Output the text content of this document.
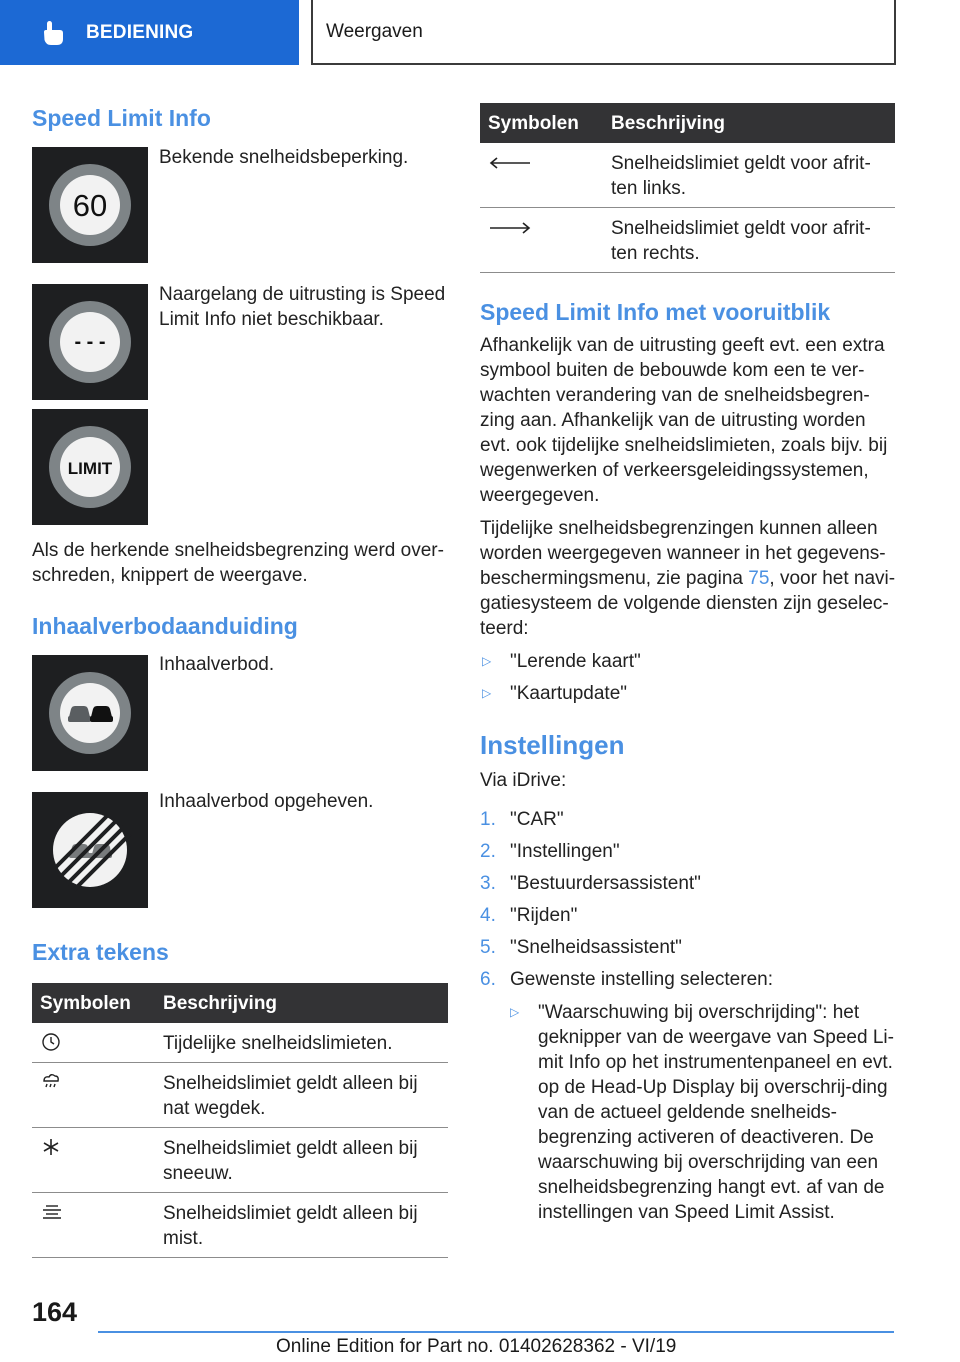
BEDIENING	Weergaven
Speed Limit Info
60
Bekende snelheidsbeperking.
- - -
Naargelang de uitrusting is Speed Limit Info niet beschikbaar.
LIMIT
Als de herkende snelheidsbegrenzing werd over-schreden, knippert de weergave.
Inhaalverbodaanduiding
Inhaalverbod.
Inhaalverbod opgeheven.
Extra tekens
Symbolen	Beschrijving
Tijdelijke snelheidslimieten.
Snelheidslimiet geldt alleen bij nat wegdek.
Snelheidslimiet geldt alleen bij sneeuw.
Snelheidslimiet geldt alleen bij mist.
Symbolen	Beschrijving
Snelheidslimiet geldt voor afrit-ten links.
Snelheidslimiet geldt voor afrit-ten rechts.
Speed Limit Info met vooruitblik
Afhankelijk van de uitrusting geeft evt. een extra symbool buiten de bebouwde kom een te ver-wachten verandering van de snelheidsbegren-zing aan. Afhankelijk van de uitrusting worden evt. ook tijdelijke snelheidslimieten, zoals bijv. bij wegenwerken of verkeersgeleidingssystemen, weergegeven.
Tijdelijke snelheidsbegrenzingen kunnen alleen worden weergegeven wanneer in het gegevens-beschermingsmenu, zie pagina 75, voor het navi-gatiesysteem de volgende diensten zijn geselec-teerd:
▷ "Lerende kaart"
▷ "Kaartupdate"
Instellingen
Via iDrive:
1. "CAR"
2. "Instellingen"
3. "Bestuurdersassistent"
4. "Rijden"
5. "Snelheidsassistent"
6. Gewenste instelling selecteren:
▷ "Waarschuwing bij overschrijding": het geknipper van de weergave van Speed Li-mit Info op het instrumentenpaneel en evt. op de Head-Up Display bij overschrij-ding van de actueel geldende snelheids-begrenzing activeren of deactiveren. De waarschuwing bij overschrijding van een snelheidsbegrenzing hangt evt. af van de instellingen van Speed Limit Assist.
164
Online Edition for Part no. 01402628362 - VI/19
